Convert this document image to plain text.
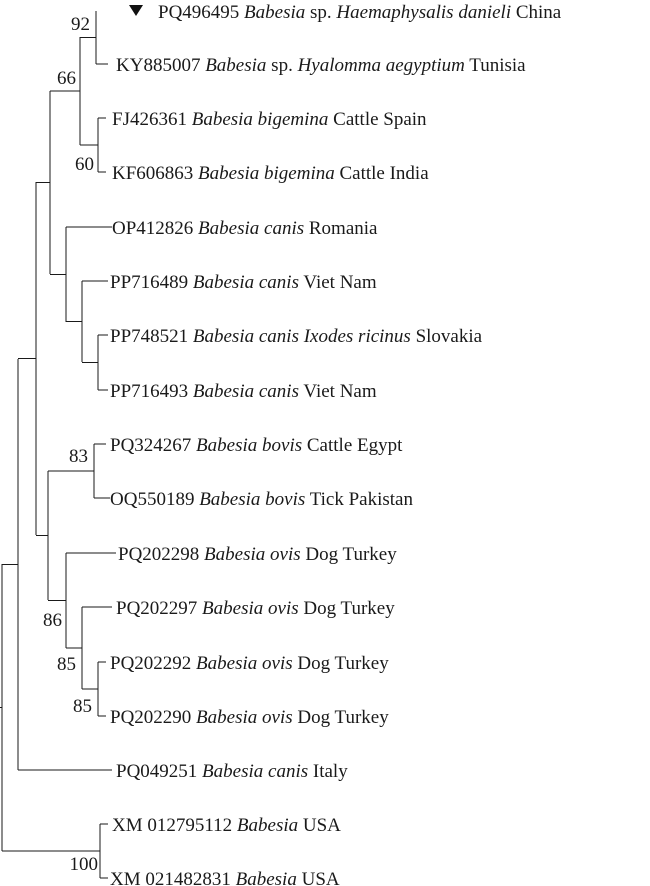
92
66
60
83
86
85
85
100
PQ496495 Babesia sp. Haemaphysalis danieli China
KY885007 Babesia sp. Hyalomma aegyptium Tunisia
FJ426361 Babesia bigemina Cattle Spain
KF606863 Babesia bigemina Cattle India
OP412826 Babesia canis Romania
PP716489 Babesia canis Viet Nam
PP748521 Babesia canis Ixodes ricinus Slovakia
PP716493 Babesia canis Viet Nam
PQ324267 Babesia bovis Cattle Egypt
OQ550189 Babesia bovis Tick Pakistan
PQ202298 Babesia ovis Dog Turkey
PQ202297 Babesia ovis Dog Turkey
PQ202292 Babesia ovis Dog Turkey
PQ202290 Babesia ovis Dog Turkey
PQ049251 Babesia canis Italy
XM 012795112 Babesia USA
XM 021482831 Babesia USA
